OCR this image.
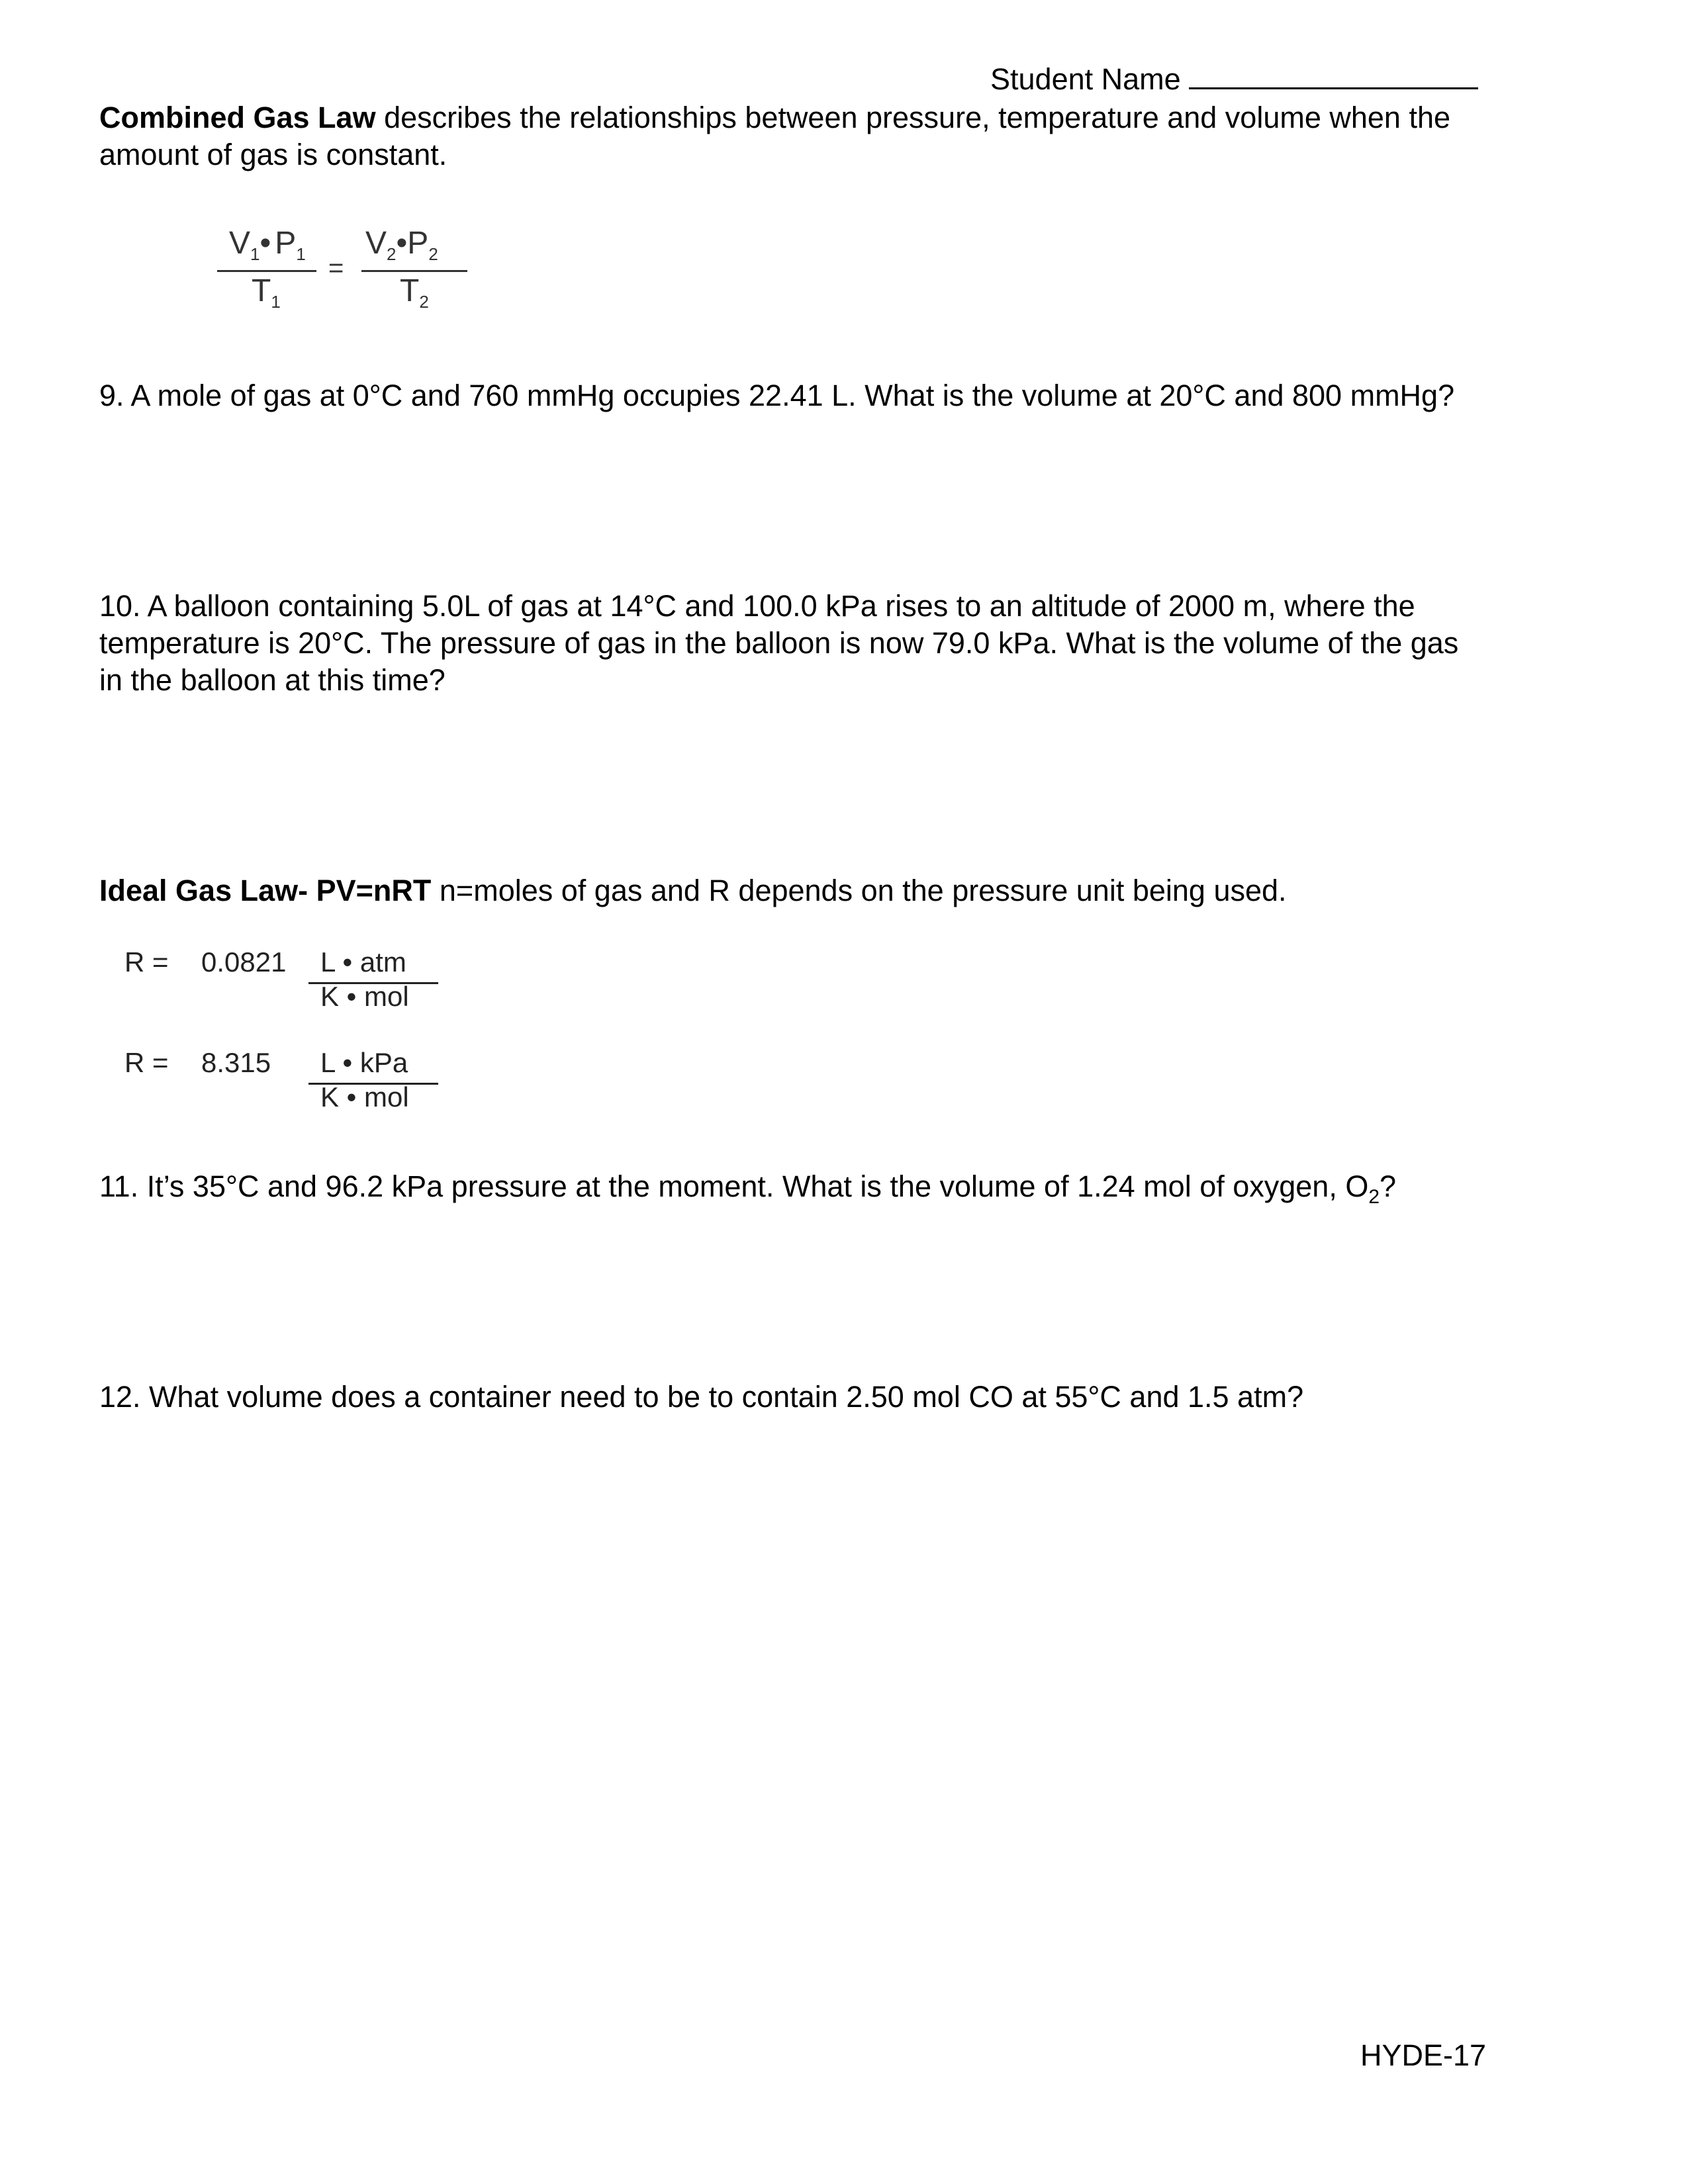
Student Name
Combined Gas Law describes the relationships between pressure, temperature and volume when the amount of gas is constant.
$V_1•$ $P_1$
$T_1$
=
$V_2•P_2$
$T_2$
9. A mole of gas at 0°C and 760 mmHg occupies 22.41 L. What is the volume at 20°C and 800 mmHg?
10. A balloon containing 5.0L of gas at 14°C and 100.0 kPa rises to an altitude of 2000 m, where the temperature is 20°C. The pressure of gas in the balloon is now 79.0 kPa. What is the volume of the gas in the balloon at this time?
Ideal Gas Law- PV=nRT n=moles of gas and R depends on the pressure unit being used.
R = 0.0821 L • atm
K • mol
R = 8.315 L • kPa
K • mol
11. It’s 35°C and 96.2 kPa pressure at the moment. What is the volume of 1.24 mol of oxygen, $O_2$?
12. What volume does a container need to be to contain 2.50 mol CO at 55°C and 1.5 atm?
HYDE-17
